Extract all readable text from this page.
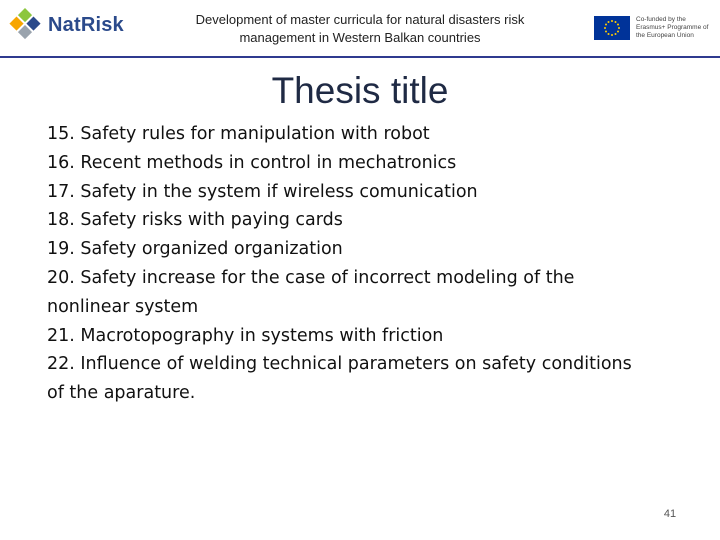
NatRisk	Development of master curricula for natural disasters risk management in Western Balkan countries
Co-funded by the Erasmus+ Programme of the European Union
Thesis title
15. Safety rules for manipulation with robot
16. Recent methods in control in mechatronics
17. Safety in the system if wireless comunication
18. Safety risks with paying cards
19. Safety organized organization
20. Safety increase for the case of incorrect modeling of the nonlinear system
21. Macrotopography in systems with friction
22. Influence of welding technical parameters on safety conditions of the aparature.
41
